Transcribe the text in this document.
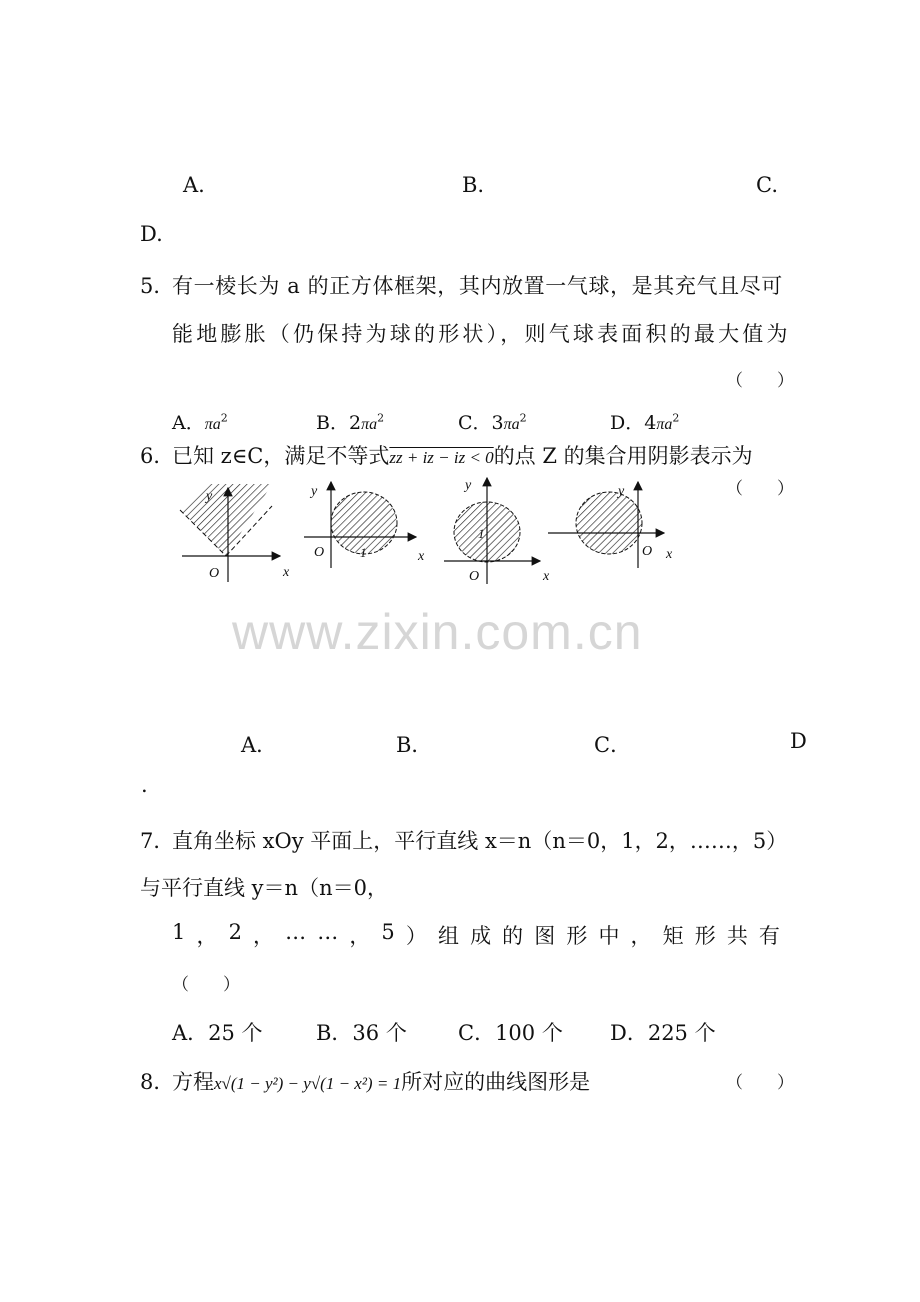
A.	B.	C.
D.
5．
有一棱长为 a 的正方体框架，其内放置一气球，是其充气且尽可
能地膨胀（仍保持为球的形状），则气球表面积的最大值为
（　　）
A．$\pi a^2$	B．$2\pi a^2$	C．$3\pi a^2$	D．$4\pi a^2$
6．
已知 z∈C，满足不等式zz + iz − iz < 0的点 Z 的集合用阴影表示为
（　　）
y
x
O
y
x
O	1
y
x
O
1
y
x
O
www.zixin.com.cn
A．	B．	C．	D
.
7．
直角坐标 xOy 平面上，平行直线 x＝n（n＝0，1，2，……，5）
与平行直线 y＝n（n＝0，
1 ， 2 ， … … ， 5 ） 组 成 的 图 形 中 ， 矩 形 共 有
（　　）
A．25 个	B．36 个 C．100 个 D．225 个
8．
方程x√(1 − y²) − y√(1 − x²) = 1所对应的曲线图形是	（　　）
